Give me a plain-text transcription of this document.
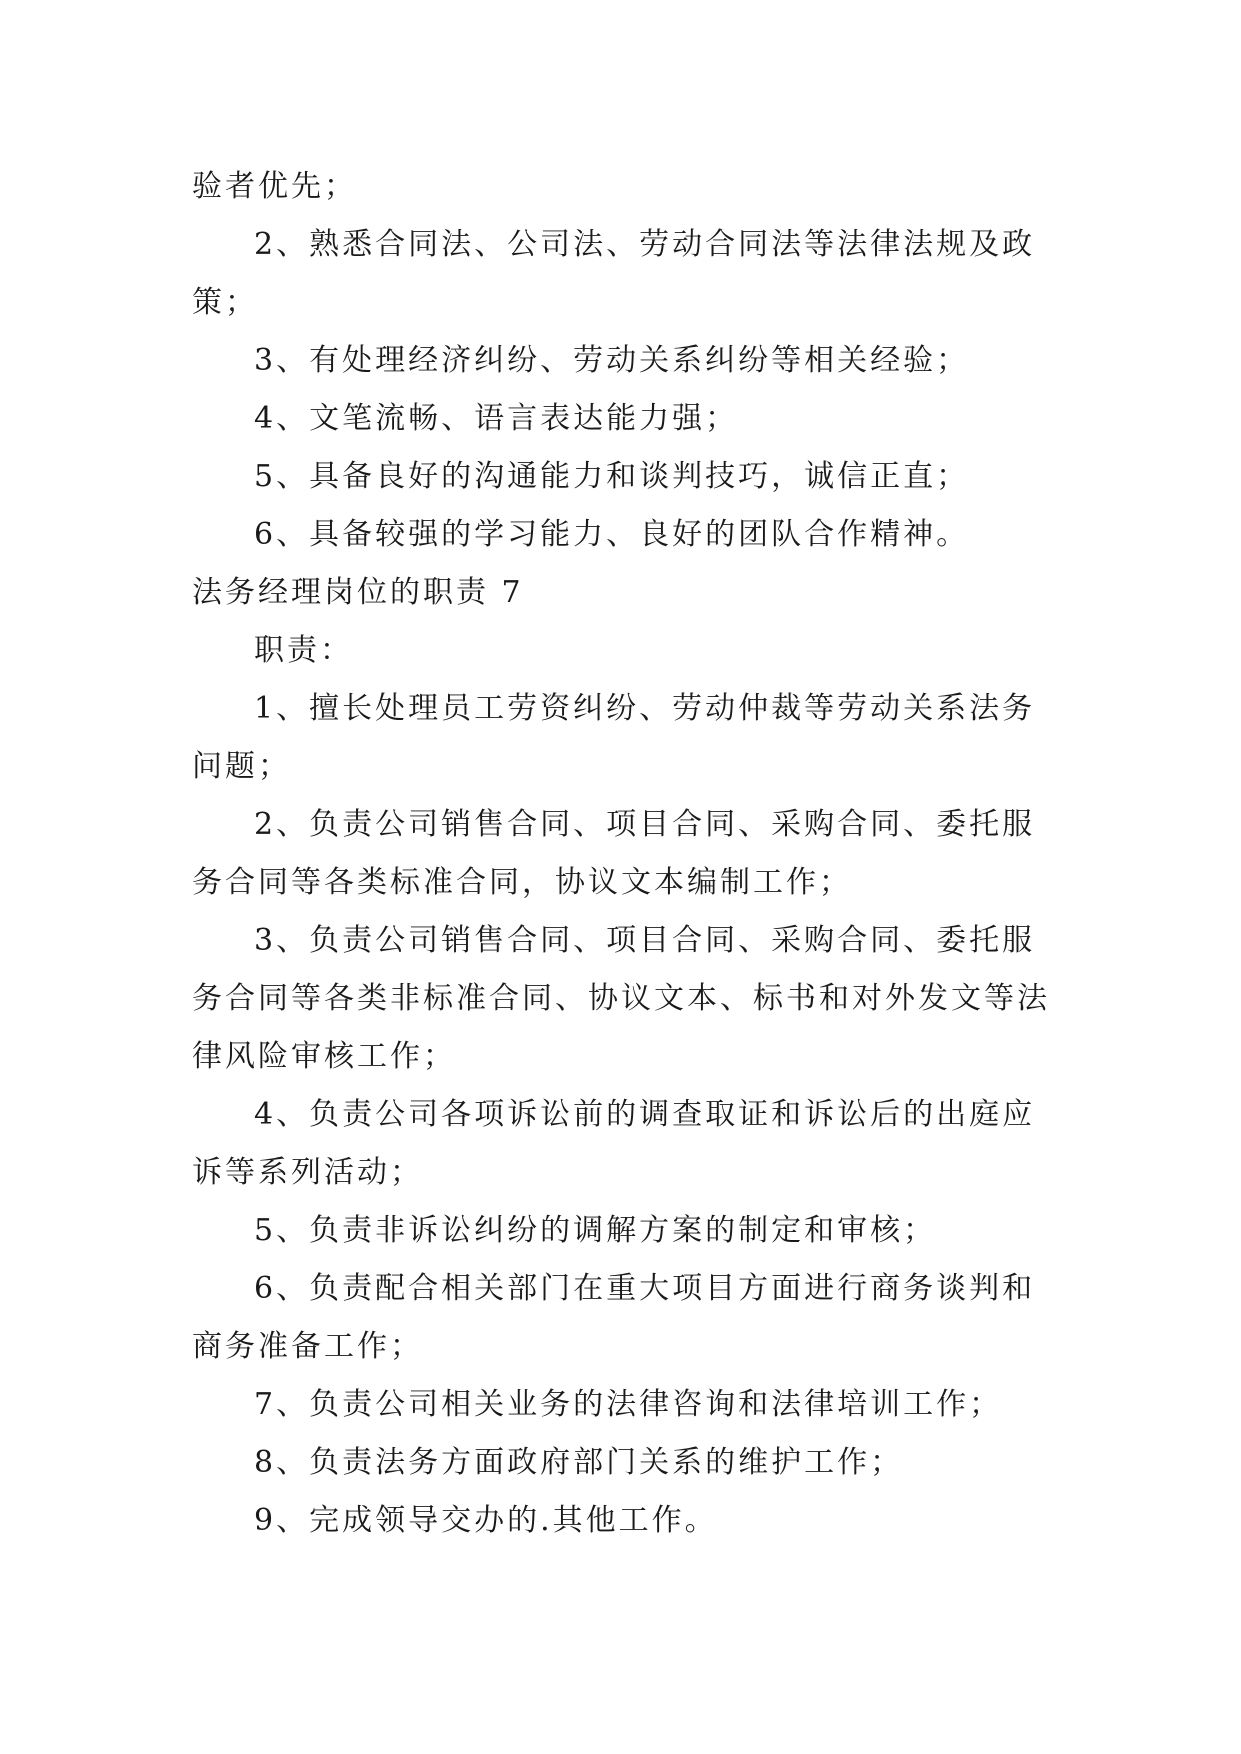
验者优先；
2、熟悉合同法、公司法、劳动合同法等法律法规及政
策；
3、有处理经济纠纷、劳动关系纠纷等相关经验；
4、文笔流畅、语言表达能力强；
5、具备良好的沟通能力和谈判技巧，诚信正直；
6、具备较强的学习能力、良好的团队合作精神。
法务经理岗位的职责 7
职责：
1、擅长处理员工劳资纠纷、劳动仲裁等劳动关系法务
问题；
2、负责公司销售合同、项目合同、采购合同、委托服
务合同等各类标准合同，协议文本编制工作；
3、负责公司销售合同、项目合同、采购合同、委托服
务合同等各类非标准合同、协议文本、标书和对外发文等法
律风险审核工作；
4、负责公司各项诉讼前的调查取证和诉讼后的出庭应
诉等系列活动；
5、负责非诉讼纠纷的调解方案的制定和审核；
6、负责配合相关部门在重大项目方面进行商务谈判和
商务准备工作；
7、负责公司相关业务的法律咨询和法律培训工作；
8、负责法务方面政府部门关系的维护工作；
9、完成领导交办的.其他工作。
